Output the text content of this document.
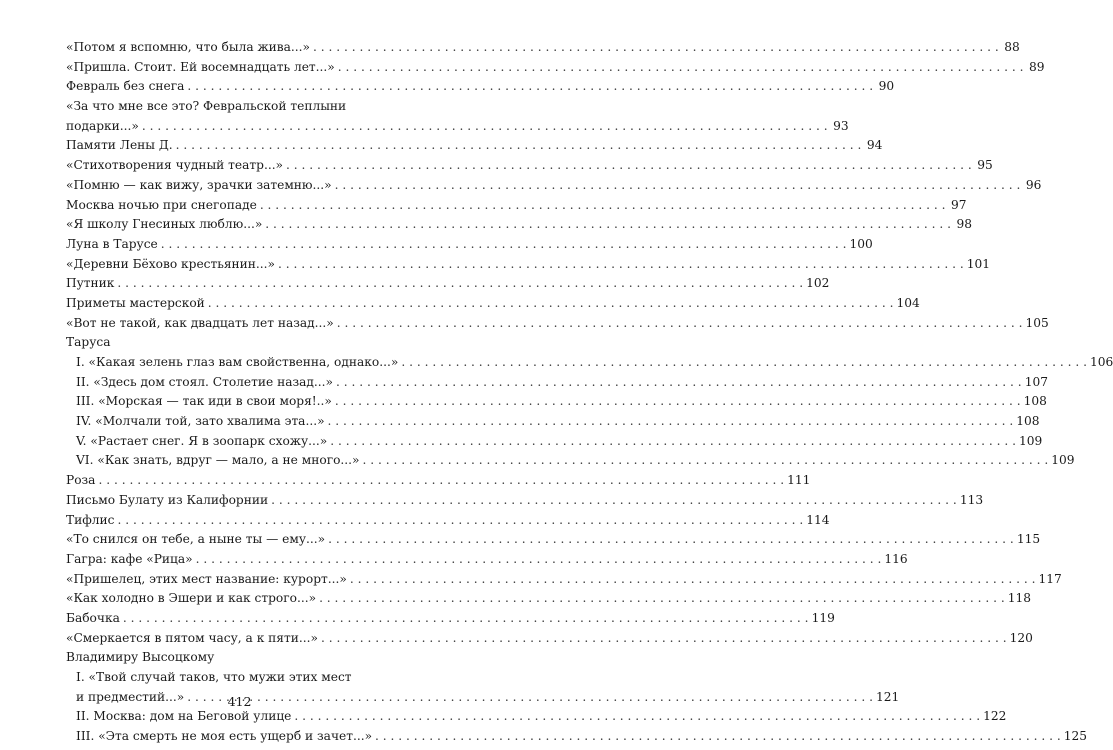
«Потом я вспомню, что была жива...» . . .	88
«Пришла. Стоит. Ей восемнадцать лет...» . . .	89
Февраль без снега . . .	90
«За что мне все это? Февральской теплыни
подарки...» . . .	93
Памяти Лены Д. . . .	94
«Стихотворения чудный театр...» . . .	95
«Помню — как вижу, зрачки затемню...» . . .	96
Москва ночью при снегопаде . . .	97
«Я школу Гнесиных люблю...» . . .	98
Луна в Тарусе . . .	100
«Деревни Бёхово крестьянин...» . . .	101
Путник . . .	102
Приметы мастерской . . .	104
«Вот не такой, как двадцать лет назад...» . . .	105
Таруса
I. «Какая зелень глаз вам свойственна, однако...» . . .	106
II. «Здесь дом стоял. Столетие назад...» . . .	107
III. «Морская — так иди в свои моря!..» . . .	108
IV. «Молчали той, зато хвалима эта...» . . .	108
V. «Растает снег. Я в зоопарк схожу...» . . .	109
VI. «Как знать, вдруг — мало, а не много...» . . .	109
Роза . . .	111
Письмо Булату из Калифорнии . . .	113
Тифлис . . .	114
«То снился он тебе, а ныне ты — ему...» . . .	115
Гагра: кафе «Рица» . . .	116
«Пришелец, этих мест название: курорт...» . . .	117
«Как холодно в Эшери и как строго...» . . .	118
Бабочка . . .	119
«Смеркается в пятом часу, а к пяти...» . . .	120
Владимиру Высоцкому
I. «Твой случай таков, что мужи этих мест
и предместий...» . . .	121
II. Москва: дом на Беговой улице . . .	122
III. «Эта смерть не моя есть ущерб и зачет...» . . .	125
412
